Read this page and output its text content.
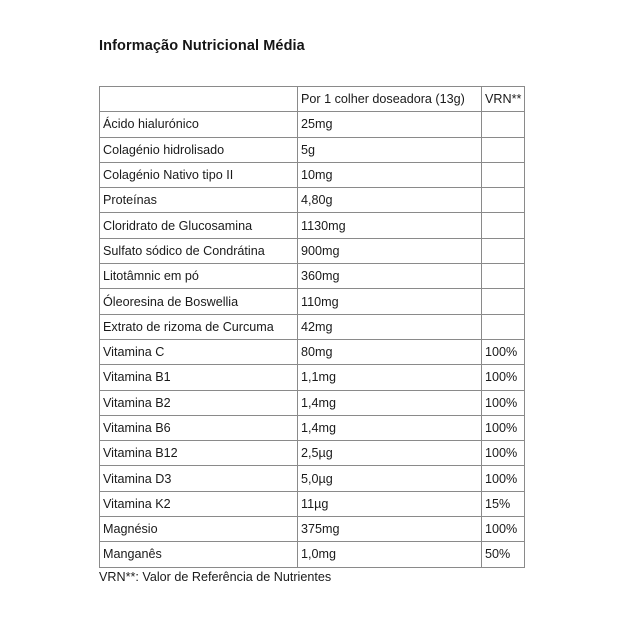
Informação Nutricional Média
	Por 1 colher doseadora (13g)	VRN**
Ácido hialurónico	25mg	
Colagénio hidrolisado	5g	
Colagénio Nativo tipo II	10mg	
Proteínas	4,80g	
Cloridrato de Glucosamina	1130mg	
Sulfato sódico de Condrátina	900mg	
Litotâmnic em pó	360mg	
Óleoresina de Boswellia	110mg	
Extrato de rizoma de Curcuma	42mg	
Vitamina C	80mg	100%
Vitamina B1	1,1mg	100%
Vitamina B2	1,4mg	100%
Vitamina B6	1,4mg	100%
Vitamina B12	2,5µg	100%
Vitamina D3	5,0µg	100%
Vitamina K2	11µg	15%
Magnésio	375mg	100%
Manganês	1,0mg	50%
VRN**: Valor de Referência de Nutrientes
